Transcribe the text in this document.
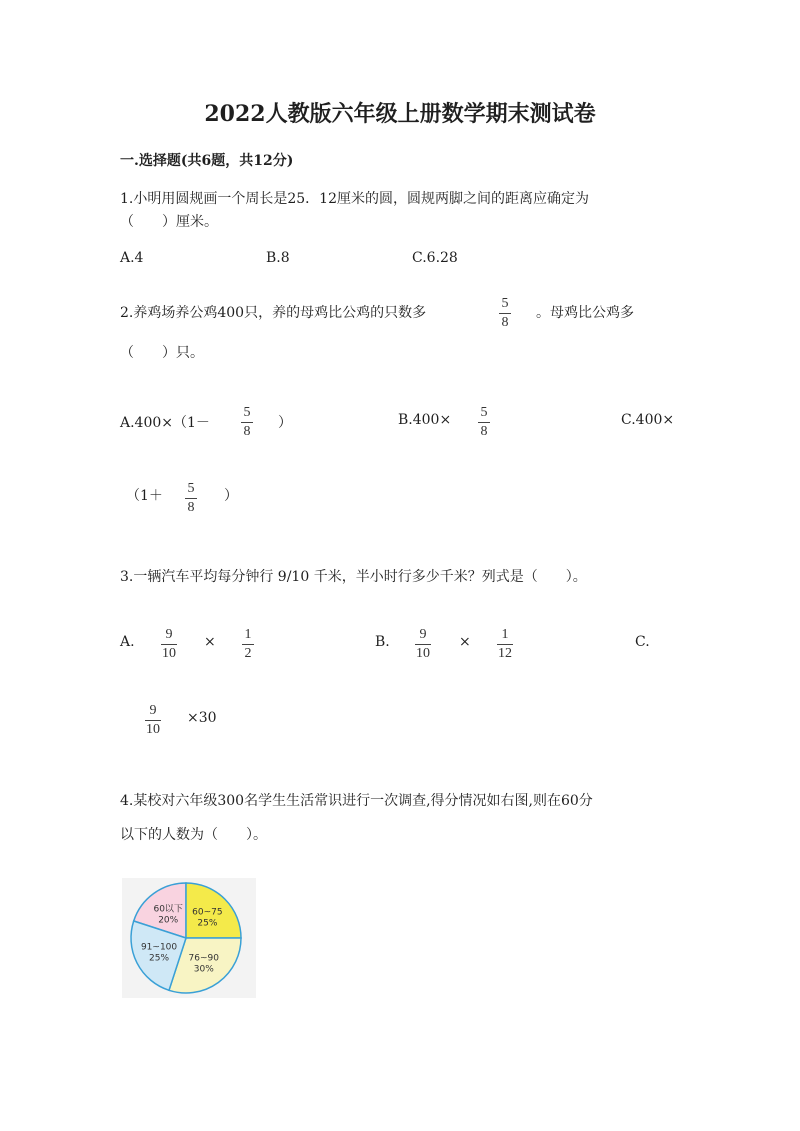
2022人教版六年级上册数学期末测试卷
一.选择题(共6题，共12分)
1.小明用圆规画一个周长是25．12厘米的圆，圆规两脚之间的距离应确定为
（　　）厘米。
A.4	B.8	C.6.28
2.养鸡场养公鸡400只，养的母鸡比公鸡的只数多
5
8
。母鸡比公鸡多
（　　）只。
A.400×（1－
5
8
）	B.400× 5
8
C.400×
（1＋ 5
8
）
3.一辆汽车平均每分钟行 9/10 千米，半小时行多少千米？列式是（　　）。
A. 9
10
× 1
2
B. 9
10
× 1
12
C.
9
10
×30
4.某校对六年级300名学生生活常识进行一次调查,得分情况如右图,则在60分
以下的人数为（　　）。
60以下
20%
60~75
25%
76~90
30%
91~100
25%
